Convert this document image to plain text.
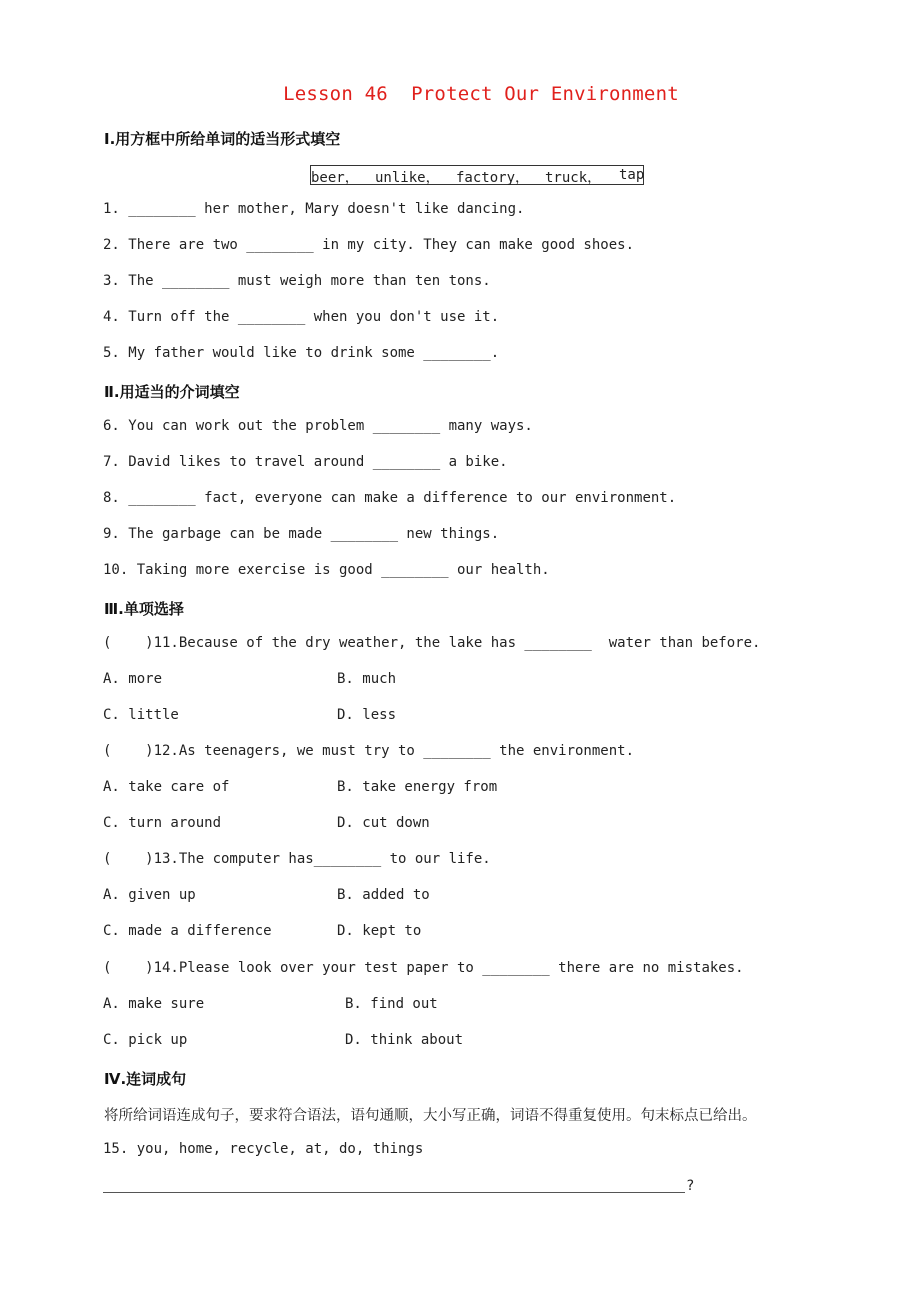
Lesson 46  Protect Our Environment
Ⅰ.用方框中所给单词的适当形式填空
beer， unlike， factory， truck， tap
1. ________ her mother, Mary doesn't like dancing.
2. There are two ________ in my city. They can make good shoes.
3. The ________ must weigh more than ten tons.
4. Turn off the ________ when you don't use it.
5. My father would like to drink some ________.
Ⅱ.用适当的介词填空
6. You can work out the problem ________ many ways.
7. David likes to travel around ________ a bike.
8. ________ fact, everyone can make a difference to our environment.
9. The garbage can be made ________ new things.
10. Taking more exercise is good ________ our health.
Ⅲ.单项选择
(    )11.Because of the dry weather, the lake has ________  water than before.
A. more	B. much
C. little	D. less
(    )12.As teenagers, we must try to ________ the environment.
A. take care of	B. take energy from
C. turn around	D. cut down
(    )13.The computer has________ to our life.
A. given up	B. added to
C. made a difference	D. kept to
(    )14.Please look over your test paper to ________ there are no mistakes.
A. make sure	B. find out
C. pick up	D. think about
Ⅳ.连词成句
将所给词语连成句子，要求符合语法，语句通顺，大小写正确，词语不得重复使用。句末标点已给出。
15. you, home, recycle, at, do, things
?
